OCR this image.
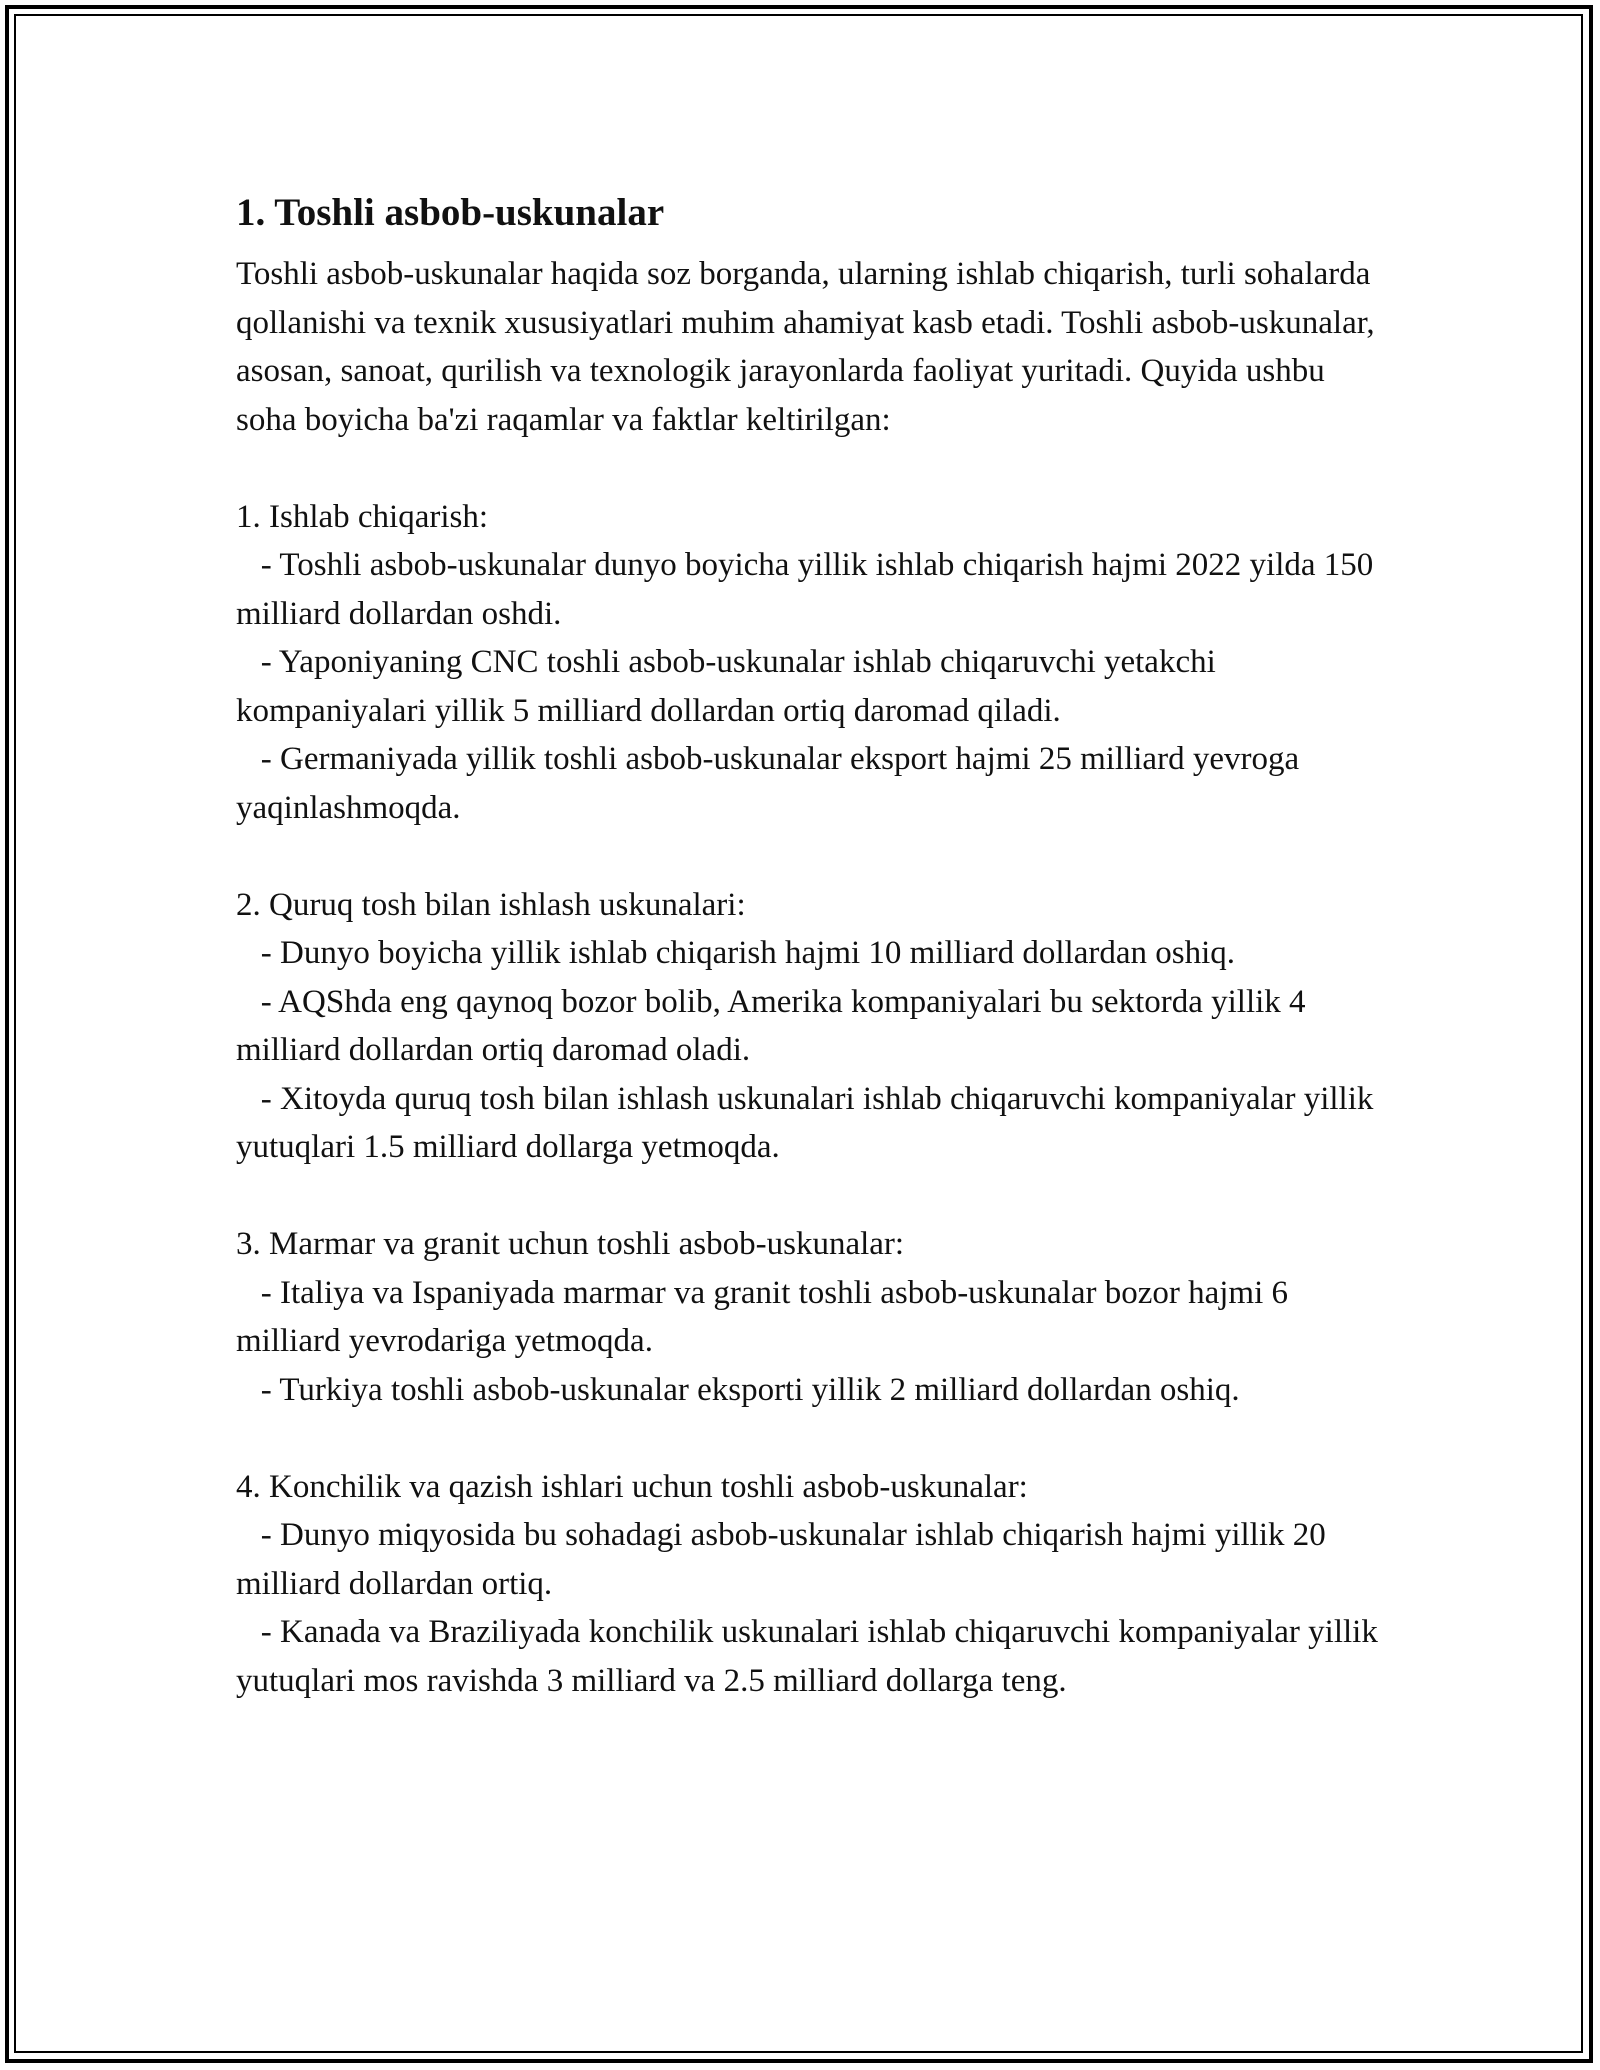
1. Toshli asbob-uskunalar

Toshli asbob-uskunalar haqida soz borganda, ularning ishlab chiqarish, turli sohalarda qollanishi va texnik xususiyatlari muhim ahamiyat kasb etadi. Toshli asbob-uskunalar, asosan, sanoat, qurilish va texnologik jarayonlarda faoliyat yuritadi. Quyida ushbu soha boyicha ba'zi raqamlar va faktlar keltirilgan:

1. Ishlab chiqarish:
- Toshli asbob-uskunalar dunyo boyicha yillik ishlab chiqarish hajmi 2022 yilda 150 milliard dollardan oshdi.
- Yaponiyaning CNC toshli asbob-uskunalar ishlab chiqaruvchi yetakchi kompaniyalari yillik 5 milliard dollardan ortiq daromad qiladi.
- Germaniyada yillik toshli asbob-uskunalar eksport hajmi 25 milliard yevroga yaqinlashmoqda.
2. Quruq tosh bilan ishlash uskunalari:
- Dunyo boyicha yillik ishlab chiqarish hajmi 10 milliard dollardan oshiq.
- AQShda eng qaynoq bozor bolib, Amerika kompaniyalari bu sektorda yillik 4 milliard dollardan ortiq daromad oladi.
- Xitoyda quruq tosh bilan ishlash uskunalari ishlab chiqaruvchi kompaniyalar yillik yutuqlari 1.5 milliard dollarga yetmoqda.
3. Marmar va granit uchun toshli asbob-uskunalar:
- Italiya va Ispaniyada marmar va granit toshli asbob-uskunalar bozor hajmi 6 milliard yevrodariga yetmoqda.
- Turkiya toshli asbob-uskunalar eksporti yillik 2 milliard dollardan oshiq.
4. Konchilik va qazish ishlari uchun toshli asbob-uskunalar:
- Dunyo miqyosida bu sohadagi asbob-uskunalar ishlab chiqarish hajmi yillik 20 milliard dollardan ortiq.
- Kanada va Braziliyada konchilik uskunalari ishlab chiqaruvchi kompaniyalar yillik yutuqlari mos ravishda 3 milliard va 2.5 milliard dollarga teng.
